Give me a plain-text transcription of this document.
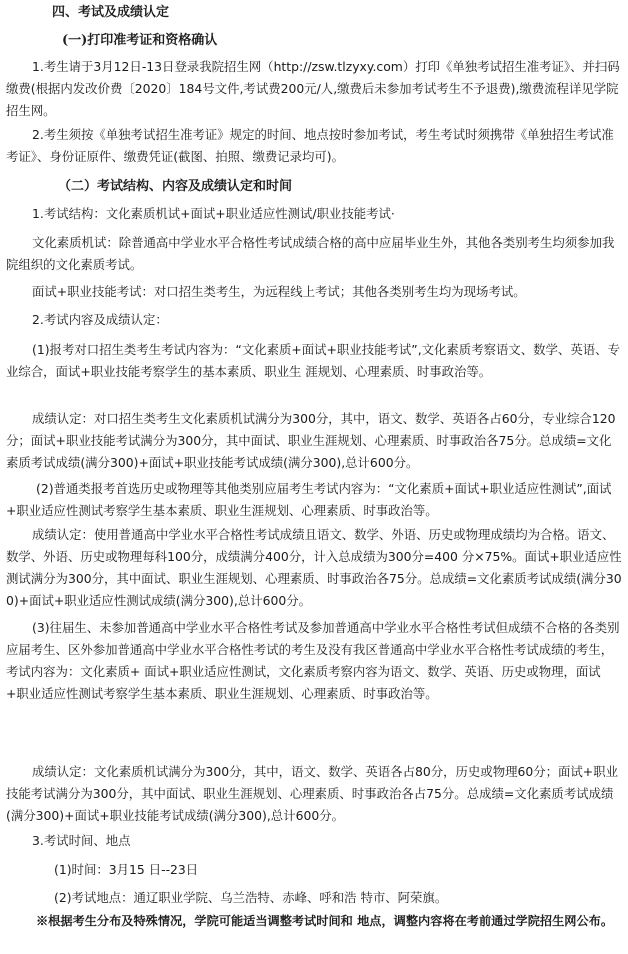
四、考试及成绩认定
(一)打印准考证和资格确认

1.考生请于3月12日-13日登录我院招生网（http://zsw.tlzyxy.com）打印《单独考试招生准考证》、并扫码缴费(根据内发改价费〔2020〕184号文件,考试费200元/人,缴费后未参加考试考生不予退费),缴费流程详见学院招生网。

2.考生须按《单独考试招生准考证》规定的时间、地点按时参加考试，考生考试时须携带《单独招生考试准考证》、身份证原件、缴费凭证(截图、拍照、缴费记录均可)。

（二）考试结构、内容及成绩认定和时间

1.考试结构：文化素质机试+面试+职业适应性测试/职业技能考试·

文化素质机试：除普通高中学业水平合格性考试成绩合格的高中应届毕业生外，其他各类别考生均须参加我院组织的文化素质考试。

面试+职业技能考试：对口招生类考生，为远程线上考试；其他各类别考生均为现场考试。

2.考试内容及成绩认定：

(1)报考对口招生类考生考试内容为：“文化素质+面试+职业技能考试”,文化素质考察语文、数学、英语、专业综合，面试+职业技能考察学生的基本素质、职业生 涯规划、心理素质、时事政治等。

成绩认定：对口招生类考生文化素质机试满分为300分，其中，语文、数学、英语各占60分，专业综合120分；面试+职业技能考试满分为300分，其中面试、职业生涯规划、心理素质、时事政治各75分。总成绩=文化素质考试成绩(满分300)+面试+职业技能考试成绩(满分300),总计600分。

(2)普通类报考首选历史或物理等其他类别应届考生考试内容为：“文化素质+面试+职业适应性测试”,面试+职业适应性测试考察学生基本素质、职业生涯规划、心理素质、时事政治等。

成绩认定：使用普通高中学业水平合格性考试成绩且语文、数学、外语、历史或物理成绩均为合格。语文、数学、外语、历史或物理每科100分，成绩满分400分，计入总成绩为300分=400 分×75%。面试+职业适应性测试满分为300分，其中面试、职业生涯规划、心理素质、时事政治各75分。总成绩=文化素质考试成绩(满分300)+面试+职业适应性测试成绩(满分300),总计600分。

(3)往届生、未参加普通高中学业水平合格性考试及参加普通高中学业水平合格性考试但成绩不合格的各类别应届考生、区外参加普通高中学业水平合格性考试的考生及没有我区普通高中学业水平合格性考试成绩的考生，考试内容为：文化素质+ 面试+职业适应性测试，文化素质考察内容为语文、数学、英语、历史或物理，面试+职业适应性测试考察学生基本素质、职业生涯规划、心理素质、时事政治等。

成绩认定：文化素质机试满分为300分，其中，语文、数学、英语各占80分，历史或物理60分；面试+职业技能考试满分为300分，其中面试、职业生涯规划、心理素质、时事政治各占75分。总成绩=文化素质考试成绩(满分300)+面试+职业技能考试成绩(满分300),总计600分。

3.考试时间、地点

(1)时间：3月15 日--23日

(2)考试地点：通辽职业学院、乌兰浩特、赤峰、呼和浩 特市、阿荣旗。

※根据考生分布及特殊情况，学院可能适当调整考试时间和 地点，调整内容将在考前通过学院招生网公布。
